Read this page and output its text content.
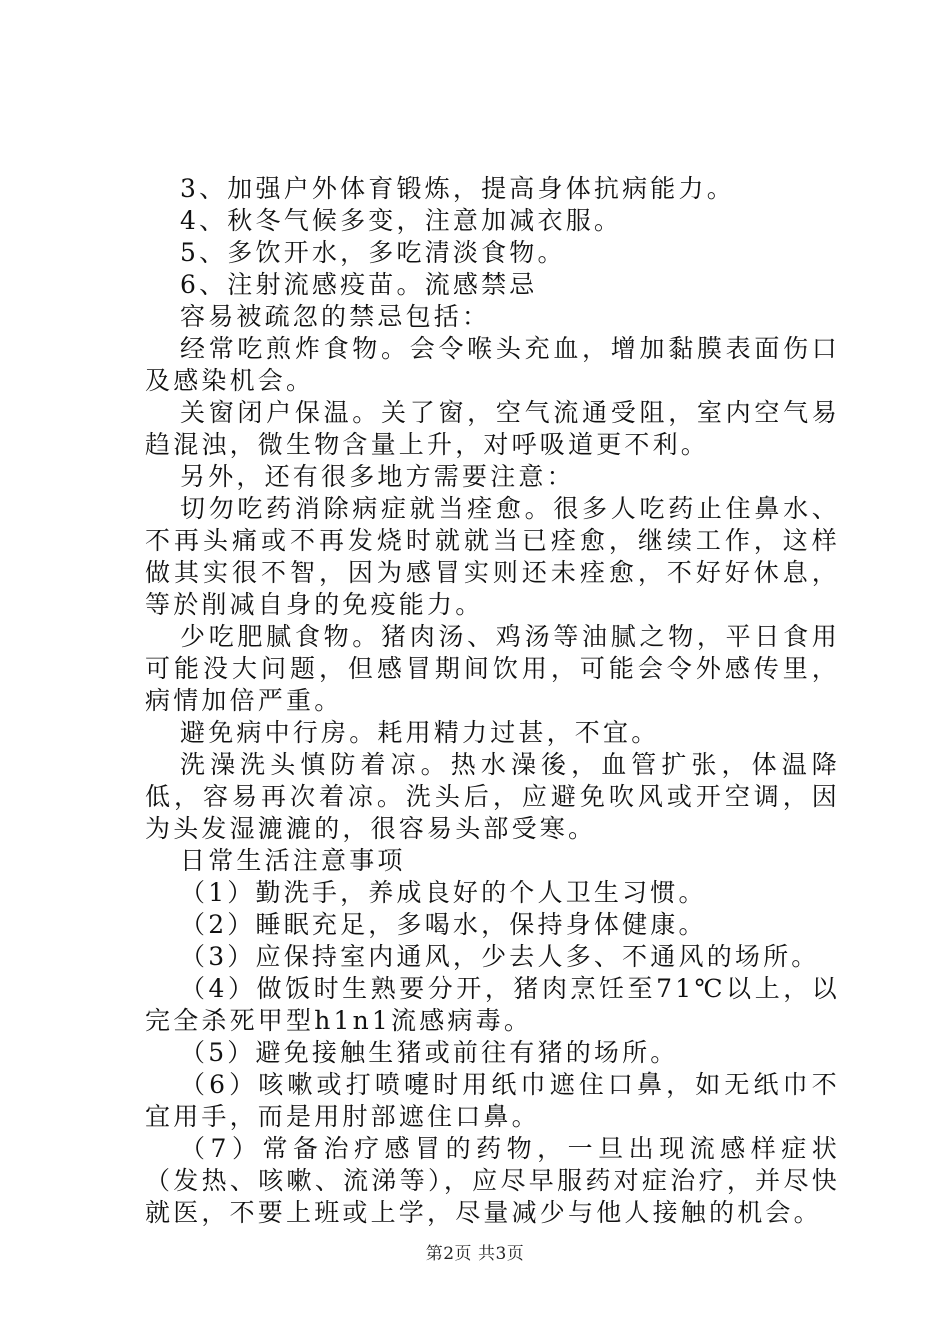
3、加强户外体育锻炼，提高身体抗病能力。

4、秋冬气候多变，注意加减衣服。

5、多饮开水，多吃清淡食物。

6、注射流感疫苗。流感禁忌

容易被疏忽的禁忌包括：

经常吃煎炸食物。会令喉头充血，增加黏膜表面伤口及感染机会。

关窗闭户保温。关了窗，空气流通受阻，室内空气易趋混浊，微生物含量上升，对呼吸道更不利。

另外，还有很多地方需要注意：

切勿吃药消除病症就当痊愈。很多人吃药止住鼻水、不再头痛或不再发烧时就就当已痊愈，继续工作，这样做其实很不智，因为感冒实则还未痊愈，不好好休息，等於削减自身的免疫能力。

少吃肥腻食物。猪肉汤、鸡汤等油腻之物，平日食用可能没大问题，但感冒期间饮用，可能会令外感传里，病情加倍严重。

避免病中行房。耗用精力过甚，不宜。

洗澡洗头慎防着凉。热水澡後，血管扩张，体温降低，容易再次着凉。洗头后，应避免吹风或开空调，因为头发湿漉漉的，很容易头部受寒。

日常生活注意事项

（1）勤洗手，养成良好的个人卫生习惯。

（2）睡眠充足，多喝水，保持身体健康。

（3）应保持室内通风，少去人多、不通风的场所。

（4）做饭时生熟要分开，猪肉烹饪至71℃以上，以完全杀死甲型h1n1流感病毒。

（5）避免接触生猪或前往有猪的场所。

（6）咳嗽或打喷嚏时用纸巾遮住口鼻，如无纸巾不宜用手，而是用肘部遮住口鼻。

（7）常备治疗感冒的药物，一旦出现流感样症状（发热、咳嗽、流涕等），应尽早服药对症治疗，并尽快就医，不要上班或上学，尽量减少与他人接触的机会。

第2页 共3页
